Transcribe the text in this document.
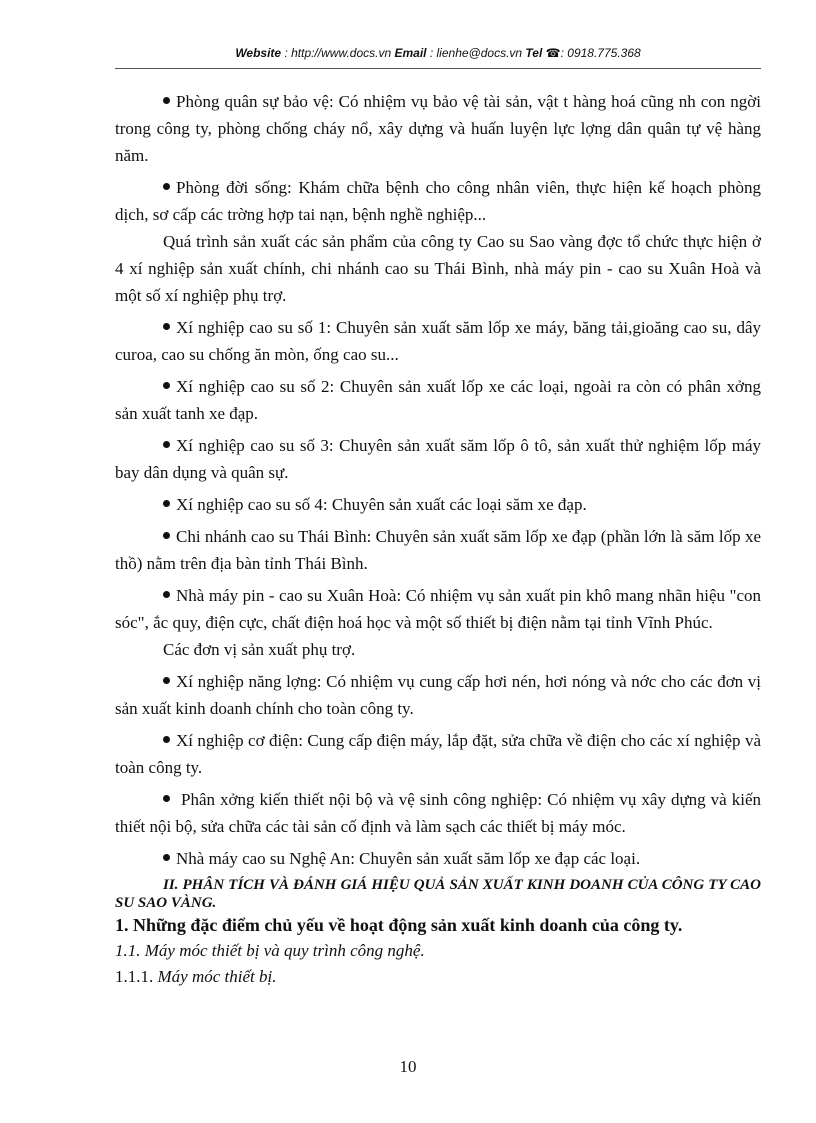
Website : http://www.docs.vn Email : lienhe@docs.vn Tel ☎: 0918.775.368

Phòng quân sự bảo vệ: Có nhiệm vụ bảo vệ tài sản, vật t hàng hoá cũng nh con ngời trong công ty, phòng chống cháy nổ, xây dựng và huấn luyện lực lợng dân quân tự vệ hàng năm.

Phòng đời sống: Khám chữa bệnh cho công nhân viên, thực hiện kế hoạch phòng dịch, sơ cấp các trờng hợp tai nạn, bệnh nghề nghiệp...

Quá trình sản xuất các sản phẩm của công ty Cao su Sao vàng đợc tổ chức thực hiện ở 4 xí nghiệp sản xuất chính, chi nhánh cao su Thái Bình, nhà máy pin - cao su Xuân Hoà và một số xí nghiệp phụ trợ.

Xí nghiệp cao su số 1: Chuyên sản xuất săm lốp xe máy, băng tải,gioăng cao su, dây curoa, cao su chống ăn mòn, ống cao su...

Xí nghiệp cao su số 2: Chuyên sản xuất lốp xe các loại, ngoài ra còn có phân xởng sản xuất tanh xe đạp.

Xí nghiệp cao su số 3: Chuyên sản xuất săm lốp ô tô, sản xuất thử nghiệm lốp máy bay dân dụng và quân sự.

Xí nghiệp cao su số 4: Chuyên sản xuất các loại săm xe đạp.

Chi nhánh cao su Thái Bình: Chuyên sản xuất săm lốp xe đạp (phần lớn là săm lốp xe thồ) nằm trên địa bàn tỉnh Thái Bình.

Nhà máy pin - cao su Xuân Hoà: Có nhiệm vụ sản xuất pin khô mang nhãn hiệu "con sóc", ắc quy, điện cực, chất điện hoá học và một số thiết bị điện nằm tại tỉnh Vĩnh Phúc.

Các đơn vị sản xuất phụ trợ.

Xí nghiệp năng lợng: Có nhiệm vụ cung cấp hơi nén, hơi nóng và nớc cho các đơn vị sản xuất kinh doanh chính cho toàn công ty.

Xí nghiệp cơ điện: Cung cấp điện máy, lắp đặt, sửa chữa về điện cho các xí nghiệp và toàn công ty.

Phân xởng kiến thiết nội bộ và vệ sinh công nghiệp: Có nhiệm vụ xây dựng và kiến thiết nội bộ, sửa chữa các tài sản cố định và làm sạch các thiết bị máy móc.

Nhà máy cao su Nghệ An: Chuyên sản xuất săm lốp xe đạp các loại.

II. PHÂN TÍCH VÀ ĐÁNH GIÁ HIỆU QUẢ SẢN XUẤT KINH DOANH CỦA CÔNG TY CAO SU SAO VÀNG.

1. Những đặc điểm chủ yếu về hoạt động sản xuất kinh doanh của công ty.

1.1. Máy móc thiết bị và quy trình công nghệ.

1.1.1. Máy móc thiết bị.

10
